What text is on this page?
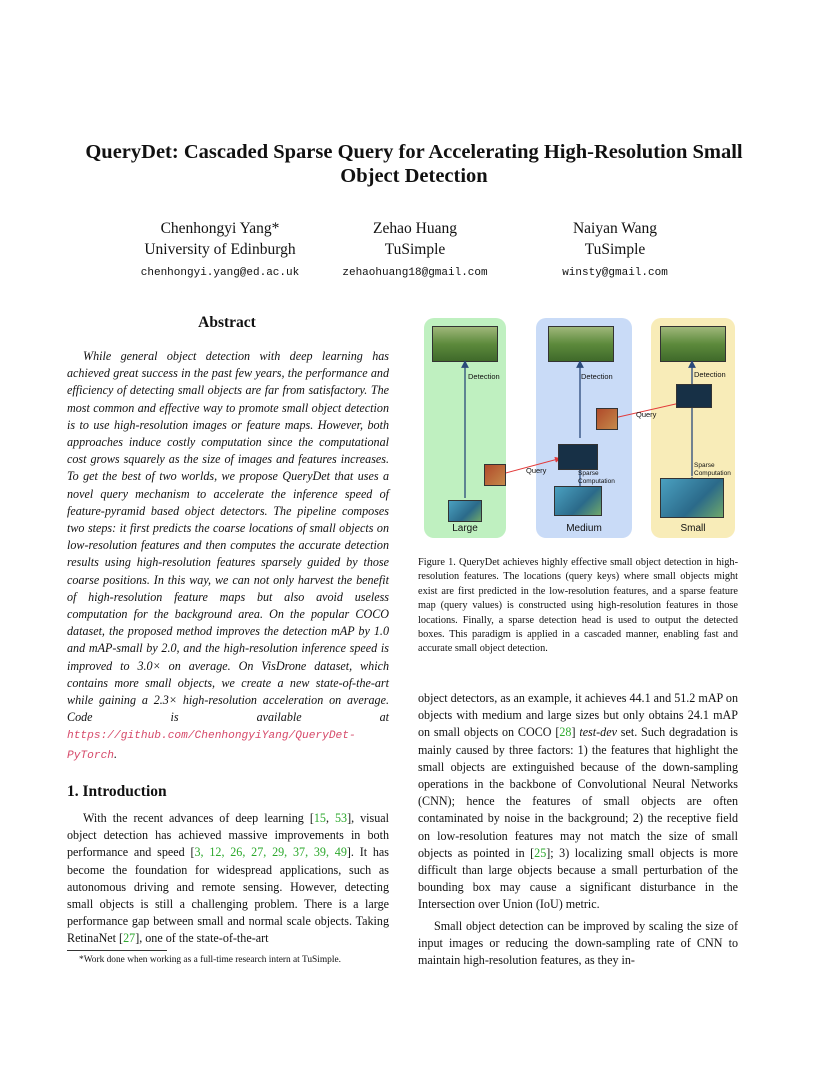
QueryDet: Cascaded Sparse Query for Accelerating High-Resolution Small Object Detection
Chenhongyi Yang*
University of Edinburgh
chenhongyi.yang@ed.ac.uk
Zehao Huang
TuSimple
zehaohuang18@gmail.com
Naiyan Wang
TuSimple
winsty@gmail.com
Abstract
While general object detection with deep learning has achieved great success in the past few years, the performance and efficiency of detecting small objects are far from satisfactory. The most common and effective way to promote small object detection is to use high-resolution images or feature maps. However, both approaches induce costly computation since the computational cost grows squarely as the size of images and features increases. To get the best of two worlds, we propose QueryDet that uses a novel query mechanism to accelerate the inference speed of feature-pyramid based object detectors. The pipeline composes two steps: it first predicts the coarse locations of small objects on low-resolution features and then computes the accurate detection results using high-resolution features sparsely guided by those coarse positions. In this way, we can not only harvest the benefit of high-resolution feature maps but also avoid useless computation for the background area. On the popular COCO dataset, the proposed method improves the detection mAP by 1.0 and mAP-small by 2.0, and the high-resolution inference speed is improved to 3.0× on average. On VisDrone dataset, which contains more small objects, we create a new state-of-the-art while gaining a 2.3× high-resolution acceleration on average. Code is available at https://github.com/ChenhongyiYang/QueryDet-PyTorch.
1. Introduction
With the recent advances of deep learning [15, 53], visual object detection has achieved massive improvements in both performance and speed [3, 12, 26, 27, 29, 37, 39, 49]. It has become the foundation for widespread applications, such as autonomous driving and remote sensing. However, detecting small objects is still a challenging problem. There is a large performance gap between small and normal scale objects. Taking RetinaNet [27], one of the state-of-the-art
*Work done when working as a full-time research intern at TuSimple.
Detection	Detection	Detection
Query	Sparse Computation
Query
Sparse Computation
Large	Medium	Small
Figure 1. QueryDet achieves highly effective small object detection in high-resolution features. The locations (query keys) where small objects might exist are first predicted in the low-resolution features, and a sparse feature map (query values) is constructed using high-resolution features in those locations. Finally, a sparse detection head is used to output the detected boxes. This paradigm is applied in a cascaded manner, enabling fast and accurate small object detection.
object detectors, as an example, it achieves 44.1 and 51.2 mAP on objects with medium and large sizes but only obtains 24.1 mAP on small objects on COCO [28] test-dev set. Such degradation is mainly caused by three factors: 1) the features that highlight the small objects are extinguished because of the down-sampling operations in the backbone of Convolutional Neural Networks (CNN); hence the features of small objects are often contaminated by noise in the background; 2) the receptive field on low-resolution features may not match the size of small objects as pointed in [25]; 3) localizing small objects is more difficult than large objects because a small perturbation of the bounding box may cause a significant disturbance in the Intersection over Union (IoU) metric.
Small object detection can be improved by scaling the size of input images or reducing the down-sampling rate of CNN to maintain high-resolution features, as they in-
